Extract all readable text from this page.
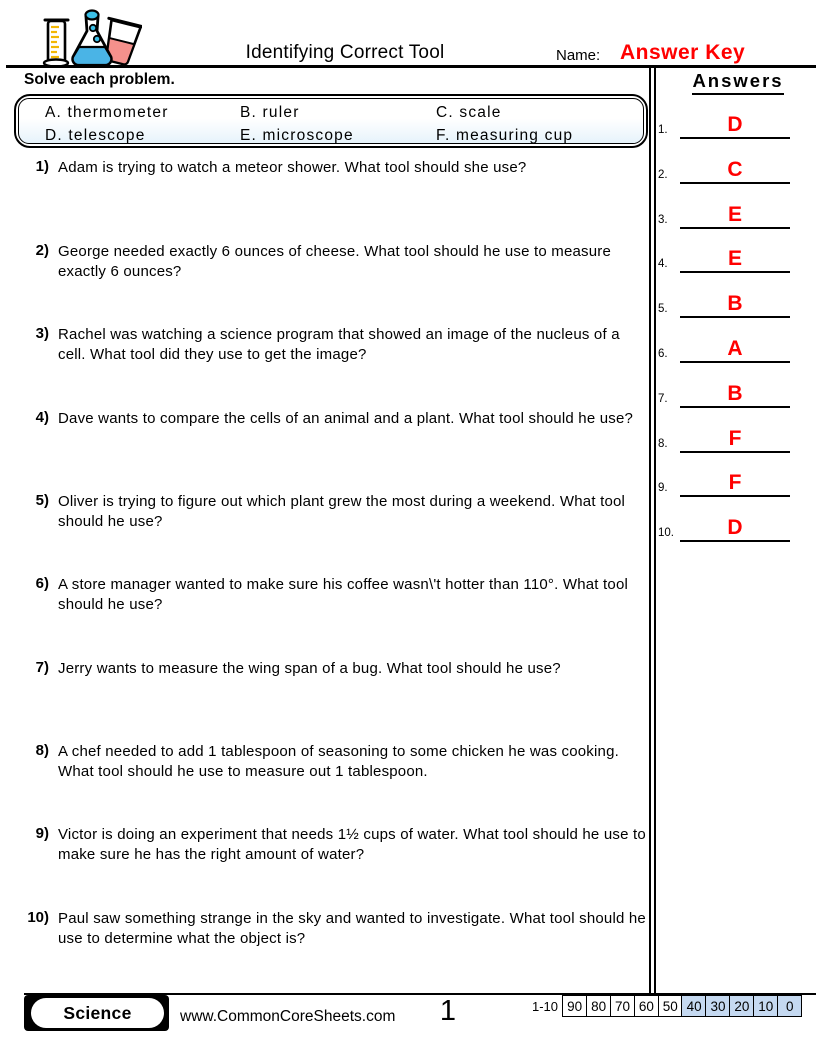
Identifying Correct Tool	Name: Answer Key
Solve each problem.
A. thermometer	B. ruler	C. scale
D. telescope	E. microscope	F. measuring cup
1) Adam is trying to watch a meteor shower. What tool should she use?
2) George needed exactly 6 ounces of cheese. What tool should he use to measure exactly 6 ounces?
3) Rachel was watching a science program that showed an image of the nucleus of a cell. What tool did they use to get the image?
4) Dave wants to compare the cells of an animal and a plant. What tool should he use?
5) Oliver is trying to figure out which plant grew the most during a weekend. What tool should he use?
6) A store manager wanted to make sure his coffee wasn\'t hotter than 110°. What tool should he use?
7) Jerry wants to measure the wing span of a bug. What tool should he use?
8) A chef needed to add 1 tablespoon of seasoning to some chicken he was cooking. What tool should he use to measure out 1 tablespoon.
9) Victor is doing an experiment that needs 1½ cups of water. What tool should he use to make sure he has the right amount of water?
10) Paul saw something strange in the sky and wanted to investigate. What tool should he use to determine what the object is?
Answers
1.	D
2.	C
3.	E
4.	E
5.	B
6.	A
7.	B
8.	F
9.	F
10.	D
Science	www.CommonCoreSheets.com	1	1-10 90 80 70 60 50 40 30 20 10 0
